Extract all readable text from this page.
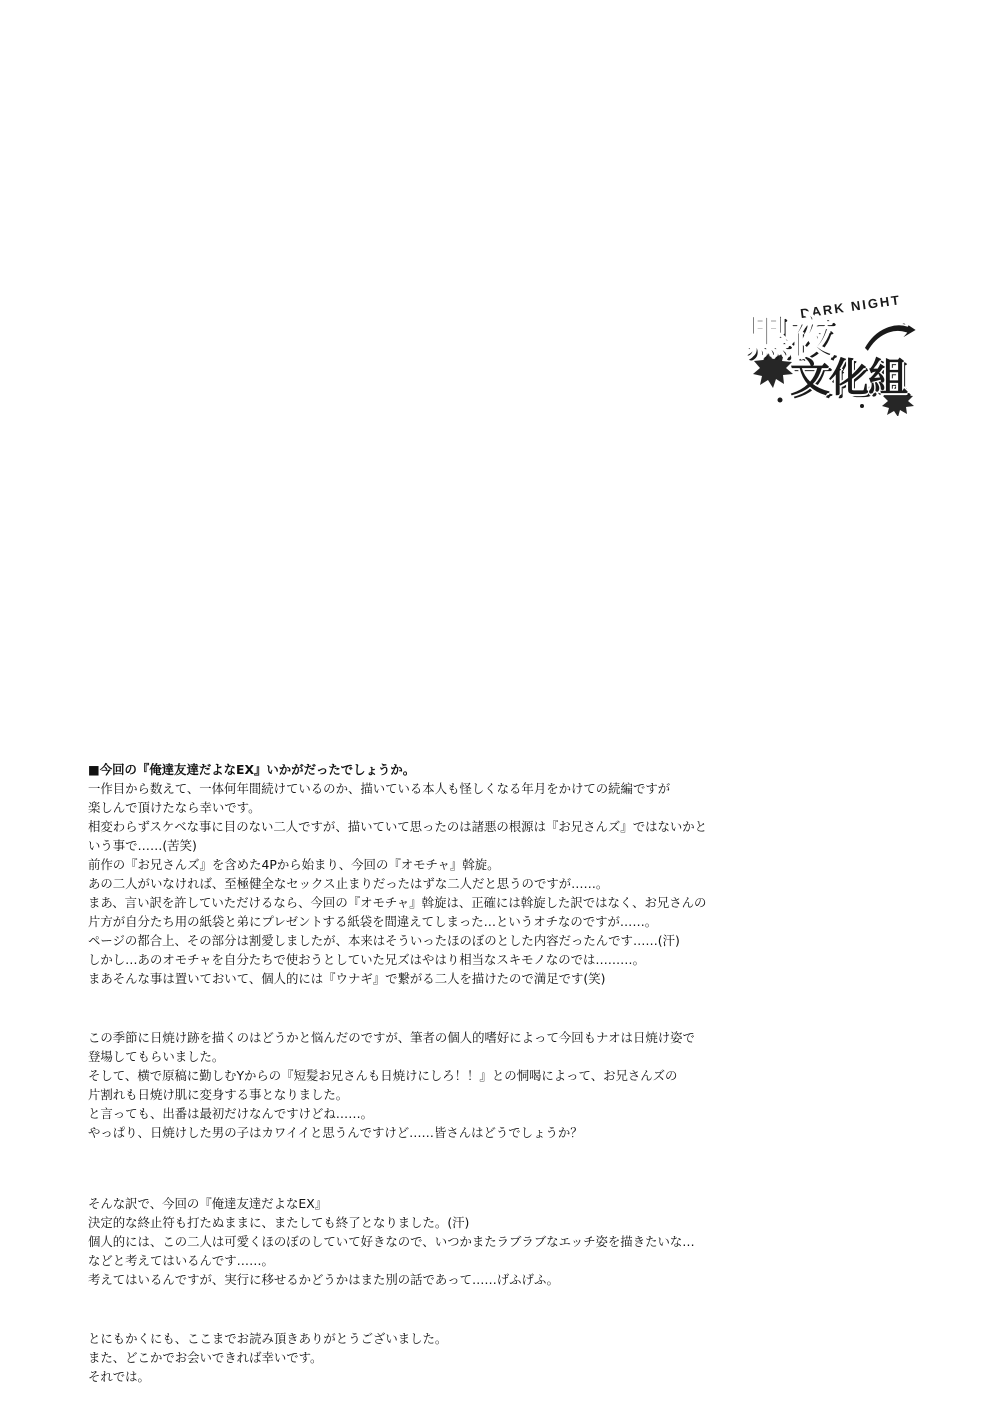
DARK NIGHT
黒夜
文化組

■今回の『俺達友達だよなEX』いかがだったでしょうか。

一作目から数えて、一体何年間続けているのか、描いている本人も怪しくなる年月をかけての続編ですが

楽しんで頂けたなら幸いです。

相変わらずスケベな事に目のない二人ですが、描いていて思ったのは諸悪の根源は『お兄さんズ』ではないかと

いう事で……(苦笑)

前作の『お兄さんズ』を含めた4Pから始まり、今回の『オモチャ』斡旋。

あの二人がいなければ、至極健全なセックス止まりだったはずな二人だと思うのですが……。

まあ、言い訳を許していただけるなら、今回の『オモチャ』斡旋は、正確には斡旋した訳ではなく、お兄さんの

片方が自分たち用の紙袋と弟にプレゼントする紙袋を間違えてしまった…というオチなのですが……。

ページの都合上、その部分は割愛しましたが、本来はそういったほのぼのとした内容だったんです……(汗)

しかし…あのオモチャを自分たちで使おうとしていた兄ズはやはり相当なスキモノなのでは………。

まあそんな事は置いておいて、個人的には『ウナギ』で繋がる二人を描けたので満足です(笑)

この季節に日焼け跡を描くのはどうかと悩んだのですが、筆者の個人的嗜好によって今回もナオは日焼け姿で

登場してもらいました。

そして、横で原稿に勤しむYからの『短髪お兄さんも日焼けにしろ！！』との恫喝によって、お兄さんズの

片割れも日焼け肌に変身する事となりました。

と言っても、出番は最初だけなんですけどね……。

やっぱり、日焼けした男の子はカワイイと思うんですけど……皆さんはどうでしょうか？

そんな訳で、今回の『俺達友達だよなEX』

決定的な終止符も打たぬままに、またしても終了となりました。(汗)

個人的には、この二人は可愛くほのぼのしていて好きなので、いつかまたラブラブなエッチ姿を描きたいな…

などと考えてはいるんです……。

考えてはいるんですが、実行に移せるかどうかはまた別の話であって……げふげふ。

とにもかくにも、ここまでお読み頂きありがとうございました。

また、どこかでお会いできれば幸いです。

それでは。
